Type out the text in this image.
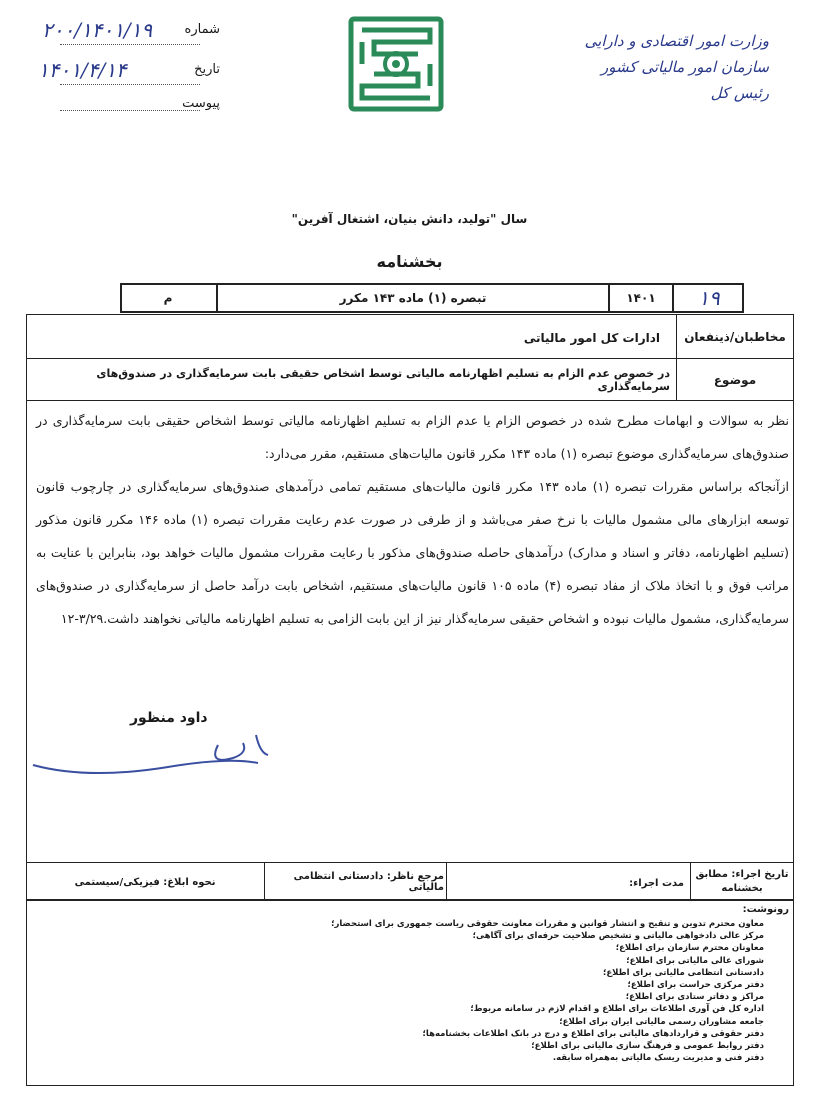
شماره
۲۰۰/۱۴۰۱/۱۹
تاریخ
۱۴۰۱/۴/۱۴
پیوست
وزارت امور اقتصادی و دارایی
سازمان امور مالیاتی کشور
رئیس کل
سال "تولید، دانش بنیان، اشتغال آفرین"
بخشنامه
۱۹
۱۴۰۱
تبصره (۱) ماده ۱۴۳ مکرر
م
مخاطبان/ذینفعان
ادارات کل امور مالیاتی
موضوع
در خصوص عدم الزام به تسلیم اظهارنامه مالیاتی توسط اشخاص حقیقی بابت سرمایه‌گذاری در صندوق‌های سرمایه‌گذاری

نظر به سوالات و ابهامات مطرح شده در خصوص الزام یا عدم الزام به تسلیم اظهارنامه مالیاتی توسط اشخاص حقیقی بابت سرمایه‌گذاری در صندوق‌های سرمایه‌گذاری موضوع تبصره (۱) ماده ۱۴۳ مکرر قانون مالیات‌های مستقیم، مقرر می‌دارد:

ازآنجاکه براساس مقررات تبصره (۱) ماده ۱۴۳ مکرر قانون مالیات‌های مستقیم تمامی درآمدهای صندوق‌های سرمایه‌گذاری در چارچوب قانون توسعه ابزارهای مالی مشمول مالیات با نرخ صفر می‌باشد و از طرفی در صورت عدم رعایت مقررات تبصره (۱) ماده ۱۴۶ مکرر قانون مذکور (تسلیم اظهارنامه، دفاتر و اسناد و مدارک) درآمدهای حاصله صندوق‌های مذکور با رعایت مقررات مشمول مالیات خواهد بود، بنابراین با عنایت به مراتب فوق و با اتخاذ ملاک از مفاد تبصره (۴) ماده ۱۰۵ قانون مالیات‌های مستقیم، اشخاص بابت درآمد حاصل از سرمایه‌گذاری در صندوق‌های سرمایه‌گذاری، مشمول مالیات نبوده و اشخاص حقیقی سرمایه‌گذار نیز از این بابت الزامی به تسلیم اظهارنامه مالیاتی نخواهند داشت.۳/۲۹-۱۲

داود منظور
تاریخ اجراء: مطابق بخشنامه
مدت اجراء:
مرجع ناظر: دادستانی انتظامی مالیاتی
نحوه ابلاغ: فیزیکی/سیستمی
رونوشت:
معاون محترم تدوین و تنقیح و انتشار قوانین و مقررات معاونت حقوقی ریاست جمهوری برای استحضار؛
مرکز عالی دادخواهی مالیاتی و تشخیص صلاحیت حرفه‌ای برای آگاهی؛
معاونان محترم سازمان برای اطلاع؛
شورای عالی مالیاتی برای اطلاع؛
دادستانی انتظامی مالیاتی برای اطلاع؛
دفتر مرکزی حراست برای اطلاع؛
مراکز و دفاتر ستادی برای اطلاع؛
اداره کل فن آوری اطلاعات برای اطلاع و اقدام لازم در سامانه مربوط؛
جامعه مشاوران رسمی مالیاتی ایران برای اطلاع؛
دفتر حقوقی و قراردادهای مالیاتی برای اطلاع و درج در بانک اطلاعات بخشنامه‌ها؛
دفتر روابط عمومی و فرهنگ سازی مالیاتی برای اطلاع؛
دفتر فنی و مدیریت ریسک مالیاتی به‌همراه سابقه.
